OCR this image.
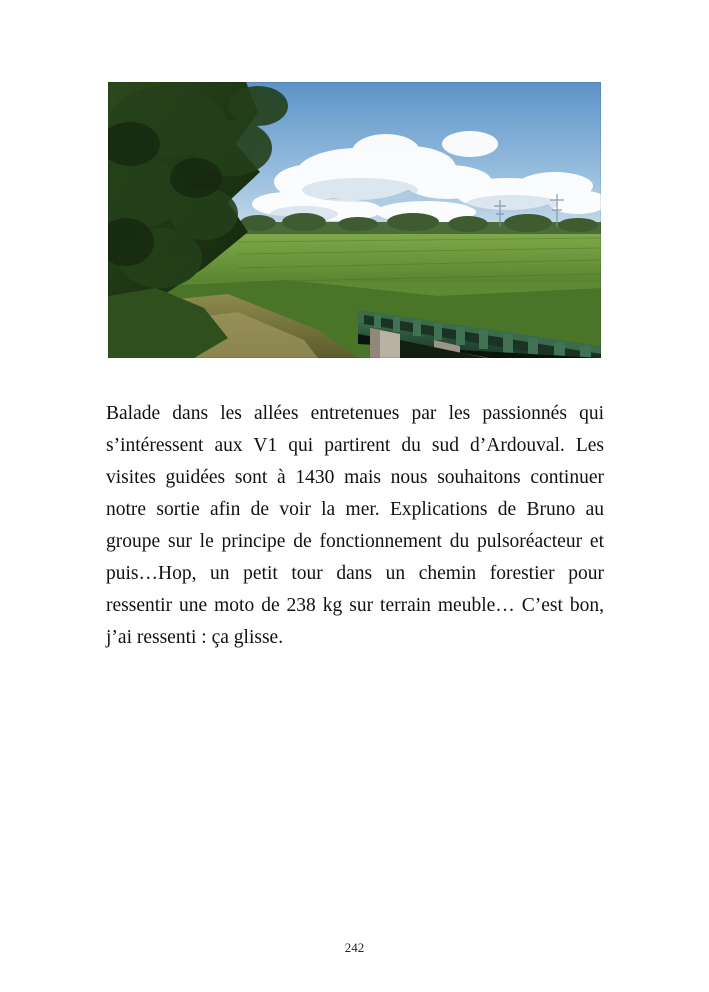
Balade dans les allées entretenues par les passionnés qui s’intéressent aux V1 qui partirent du sud d’Ardouval. Les visites guidées sont à 1430 mais nous souhaitons continuer notre sortie afin de voir la mer. Explications de Bruno au groupe sur le principe de fonctionnement du pulsoréacteur et puis…Hop, un petit tour dans un chemin forestier pour ressentir une moto de 238 kg sur terrain meuble… C’est bon, j’ai ressenti : ça glisse.

242
